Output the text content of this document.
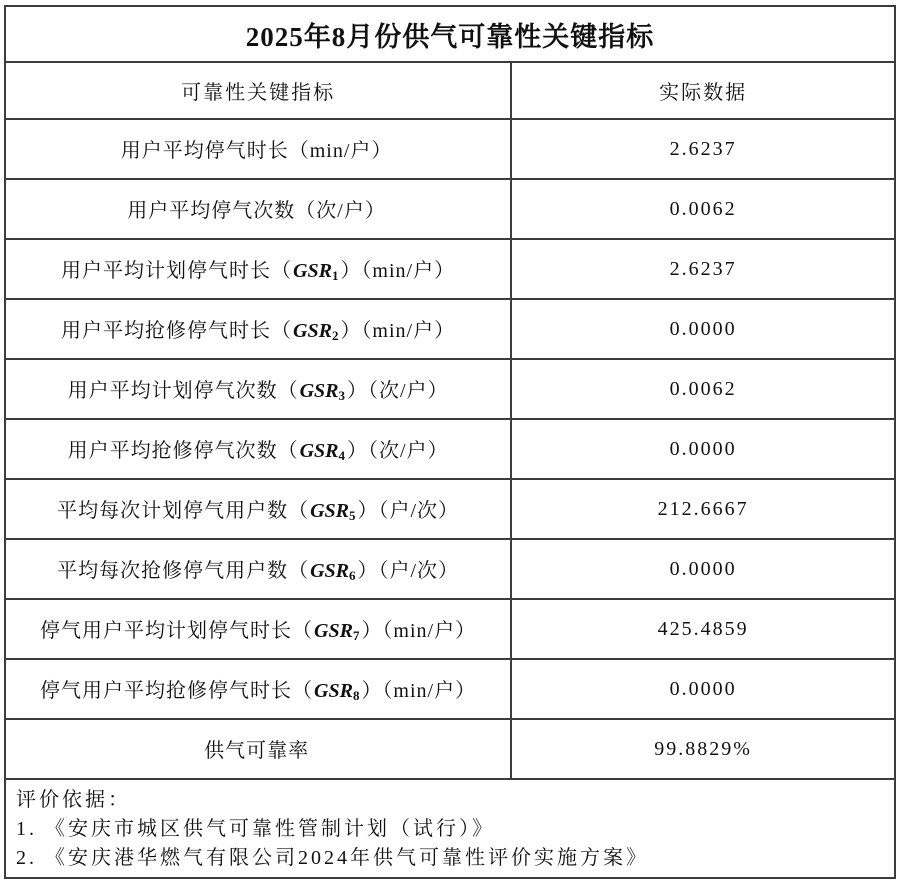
2025年8月份供气可靠性关键指标
可靠性关键指标	实际数据
用户平均停气时长（min/户）	2.6237
用户平均停气次数（次/户）	0.0062
用户平均计划停气时长（$GSR_1$ ）（min/户）	2.6237
用户平均抢修停气时长（$GSR_2$ ）（min/户）	0.0000
用户平均计划停气次数（$GSR_3$ ）（次/户）	0.0062
用户平均抢修停气次数（$GSR_4$ ）（次/户）	0.0000
平均每次计划停气用户数（$GSR_5$ ）（户/次）	212.6667
平均每次抢修停气用户数（$GSR_6$ ）（户/次）	0.0000
停气用户平均计划停气时长（$GSR_7$ ）（min/户）	425.4859
停气用户平均抢修停气时长（$GSR_8$ ）（min/户）	0.0000
供气可靠率	99.8829%
评价依据：
1. 《安庆市城区供气可靠性管制计划（试行）》
2. 《安庆港华燃气有限公司2024年供气可靠性评价实施方案》
